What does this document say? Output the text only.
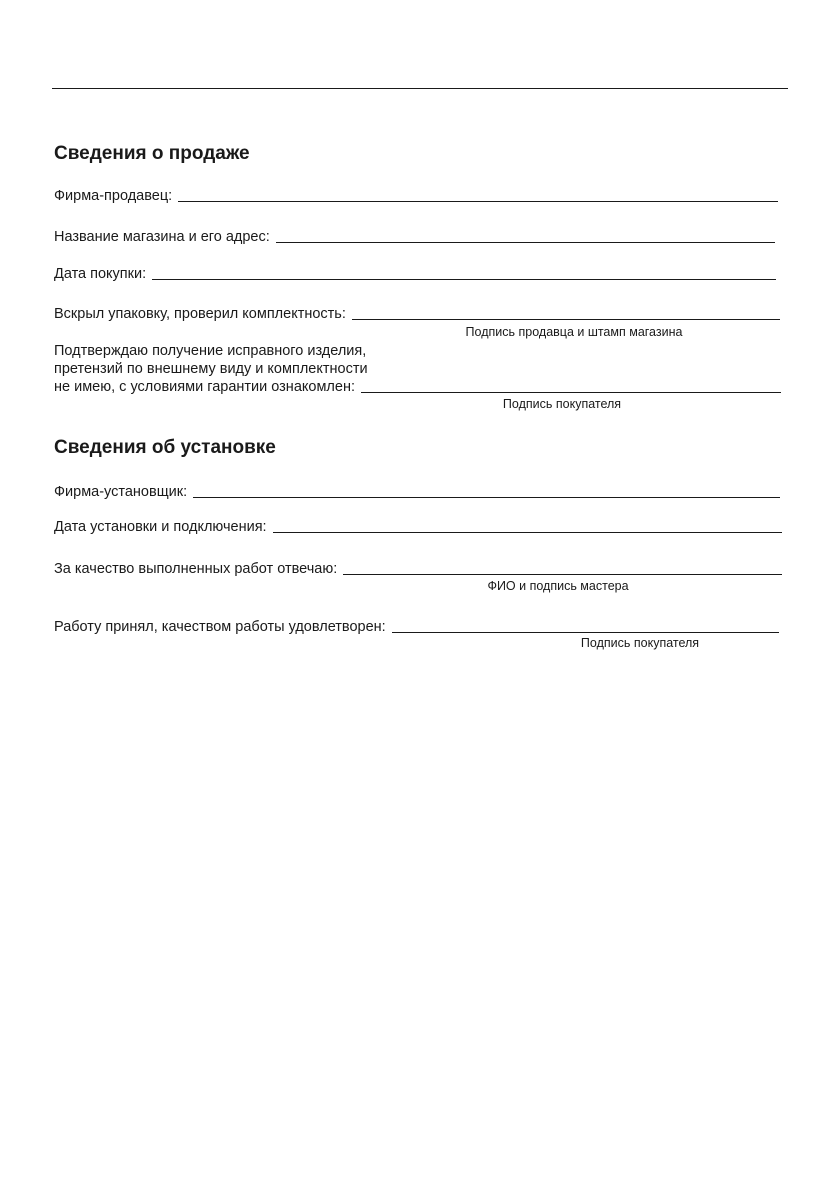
Сведения о продаже
Фирма-продавец:
Название магазина и его адрес:
Дата покупки:
Вскрыл упаковку, проверил комплектность:
Подпись продавца и штамп магазина
Подтверждаю получение исправного изделия,
претензий по внешнему виду и комплектности
не имею, с условиями гарантии ознакомлен:
Подпись покупателя
Сведения об установке
Фирма-установщик:
Дата установки и подключения:
За качество выполненных работ отвечаю:
ФИО и подпись мастера
Работу принял, качеством работы удовлетворен:
Подпись покупателя
